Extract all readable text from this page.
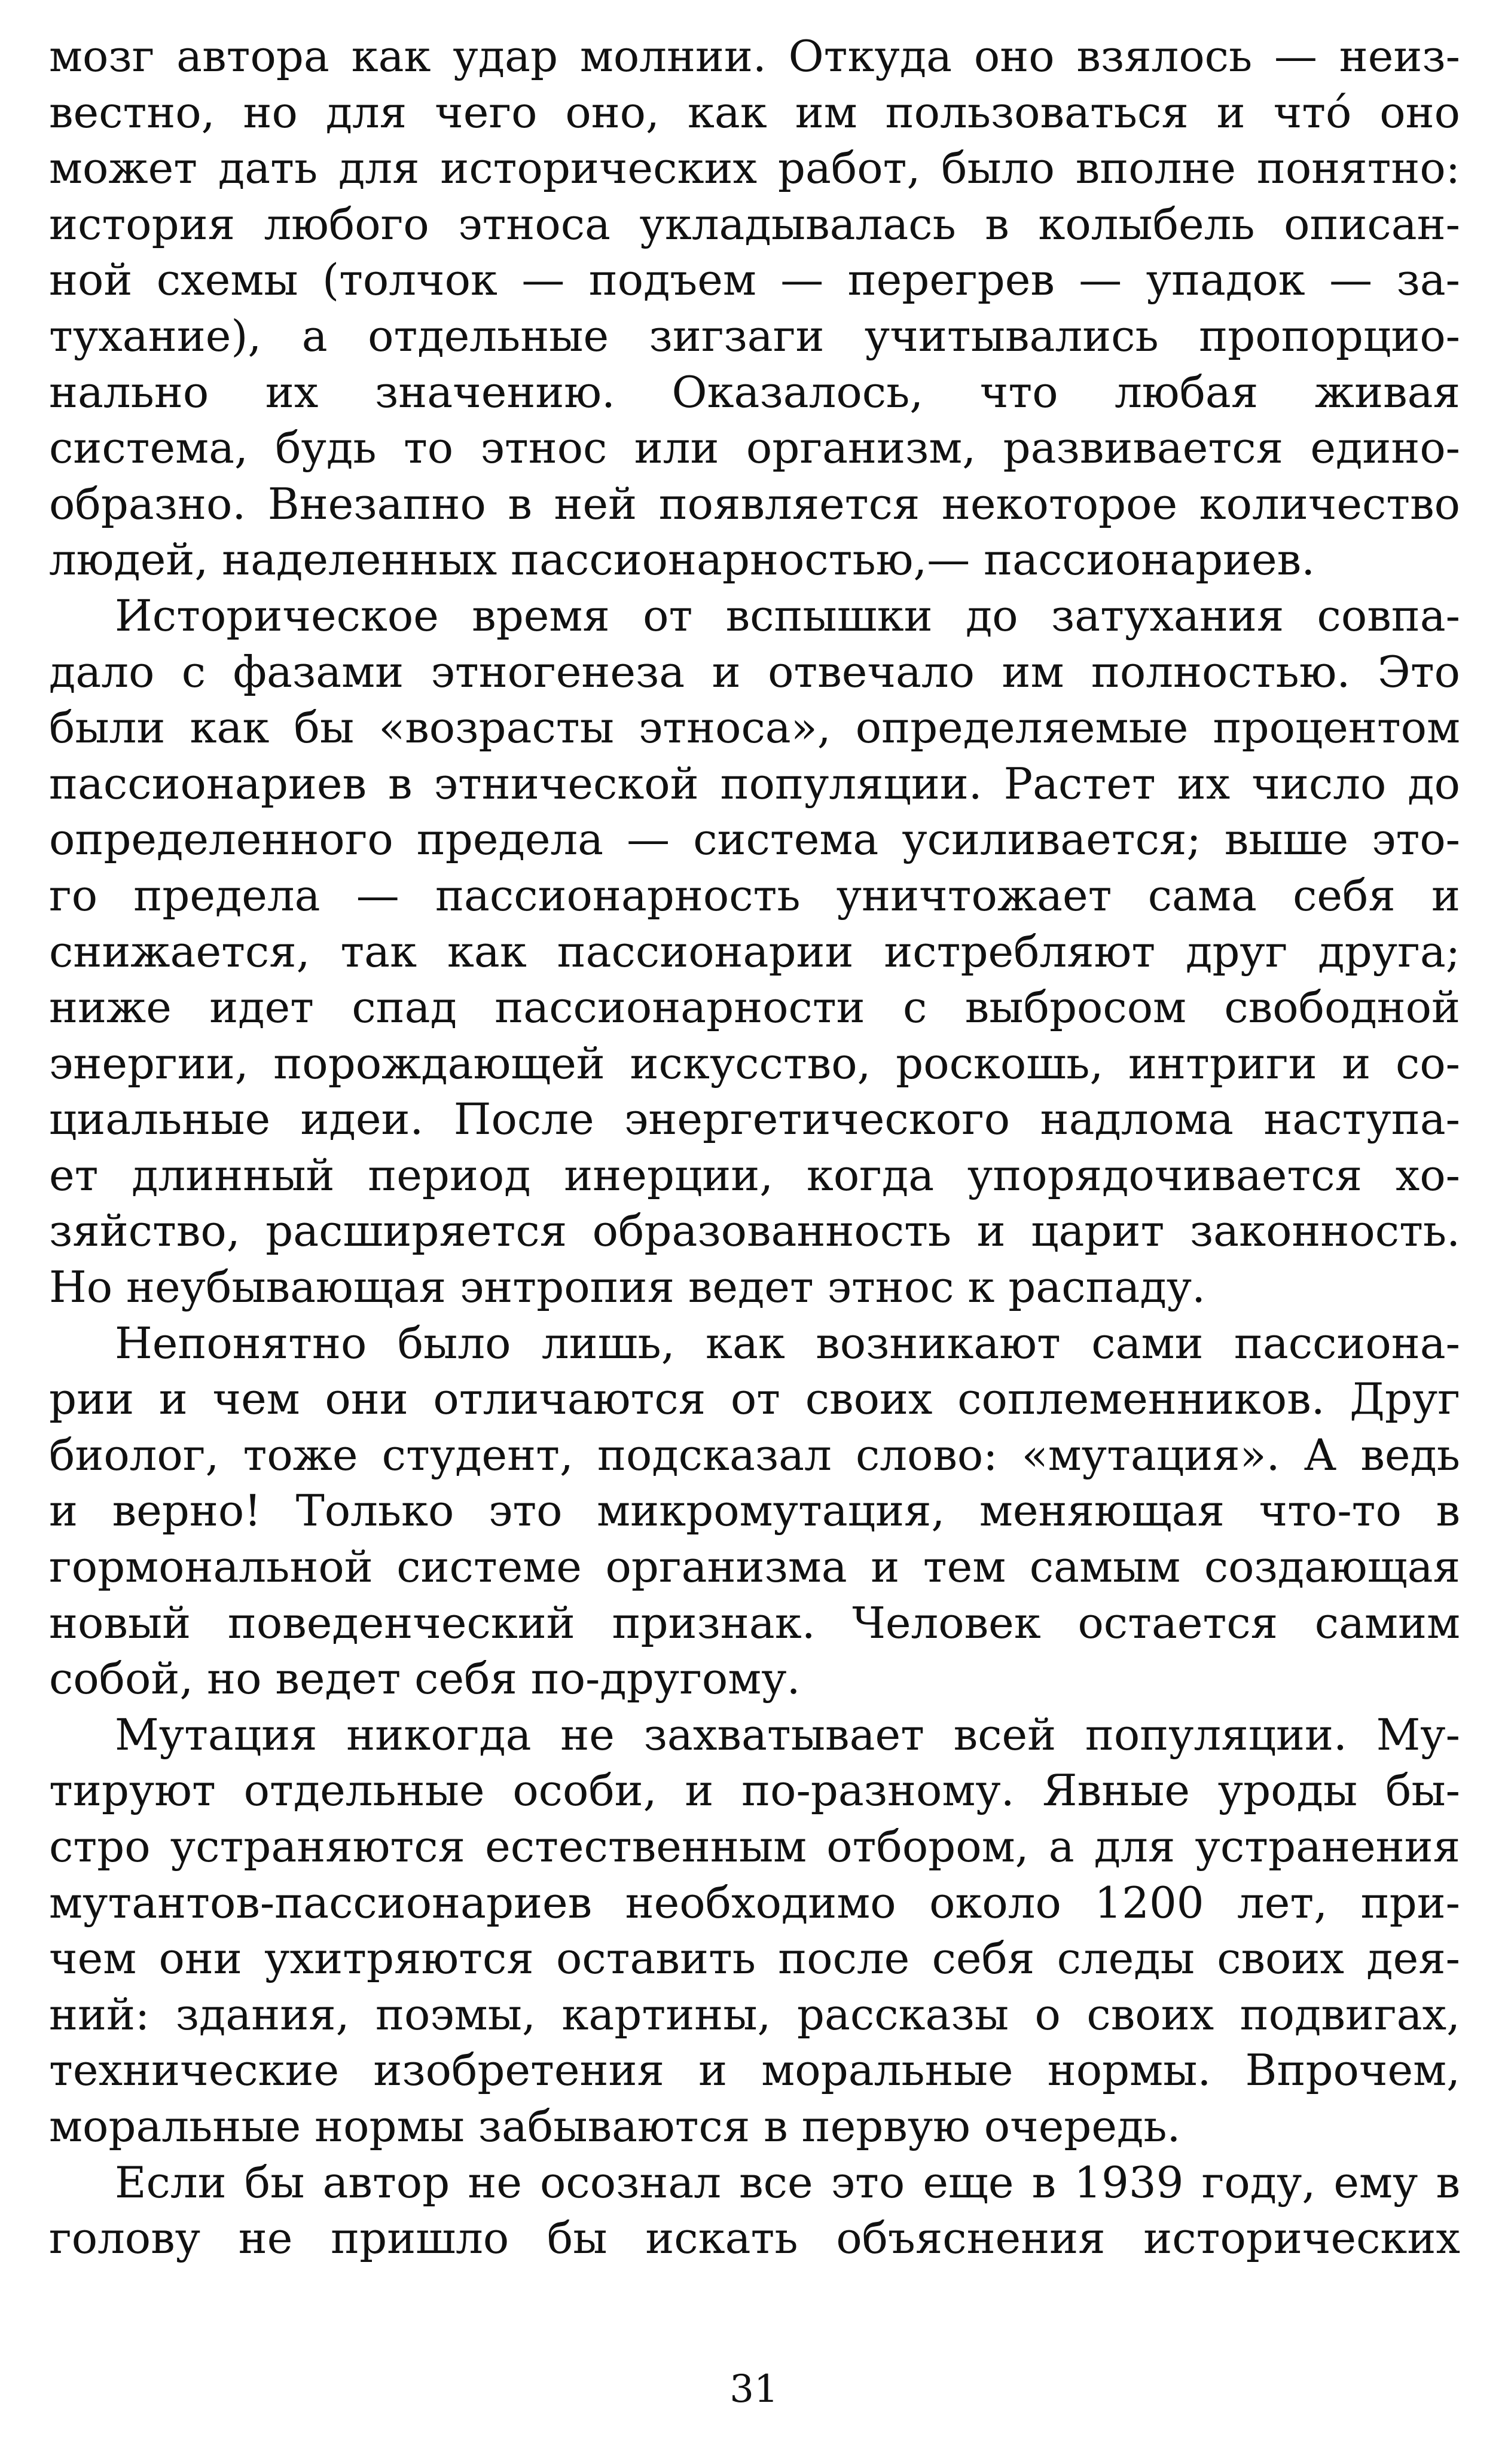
мозг автора как удар молнии. Откуда оно взялось — неиз-
вестно, но для чего оно, как им пользоваться и что́ оно
может дать для исторических работ, было вполне понятно:
история любого этноса укладывалась в колыбель описан-
ной схемы (толчок — подъем — перегрев — упадок — за-
тухание), а отдельные зигзаги учитывались пропорцио-
нально их значению. Оказалось, что любая живая
система, будь то этнос или организм, развивается едино-
образно. Внезапно в ней появляется некоторое количество
людей, наделенных пассионарностью,— пассионариев.
Историческое время от вспышки до затухания совпа-
дало с фазами этногенеза и отвечало им полностью. Это
были как бы «возрасты этноса», определяемые процентом
пассионариев в этнической популяции. Растет их число до
определенного предела — система усиливается; выше это-
го предела — пассионарность уничтожает сама себя и
снижается, так как пассионарии истребляют друг друга;
ниже идет спад пассионарности с выбросом свободной
энергии, порождающей искусство, роскошь, интриги и со-
циальные идеи. После энергетического надлома наступа-
ет длинный период инерции, когда упорядочивается хо-
зяйство, расширяется образованность и царит законность.
Но неубывающая энтропия ведет этнос к распаду.
Непонятно было лишь, как возникают сами пассиона-
рии и чем они отличаются от своих соплеменников. Друг
биолог, тоже студент, подсказал слово: «мутация». А ведь
и верно! Только это микромутация, меняющая что-то в
гормональной системе организма и тем самым создающая
новый поведенческий признак. Человек остается самим
собой, но ведет себя по-другому.
Мутация никогда не захватывает всей популяции. Му-
тируют отдельные особи, и по-разному. Явные уроды бы-
стро устраняются естественным отбором, а для устранения
мутантов-пассионариев необходимо около 1200 лет, при-
чем они ухитряются оставить после себя следы своих дея-
ний: здания, поэмы, картины, рассказы о своих подвигах,
технические изобретения и моральные нормы. Впрочем,
моральные нормы забываются в первую очередь.
Если бы автор не осознал все это еще в 1939 году, ему в
голову не пришло бы искать объяснения исторических
31
